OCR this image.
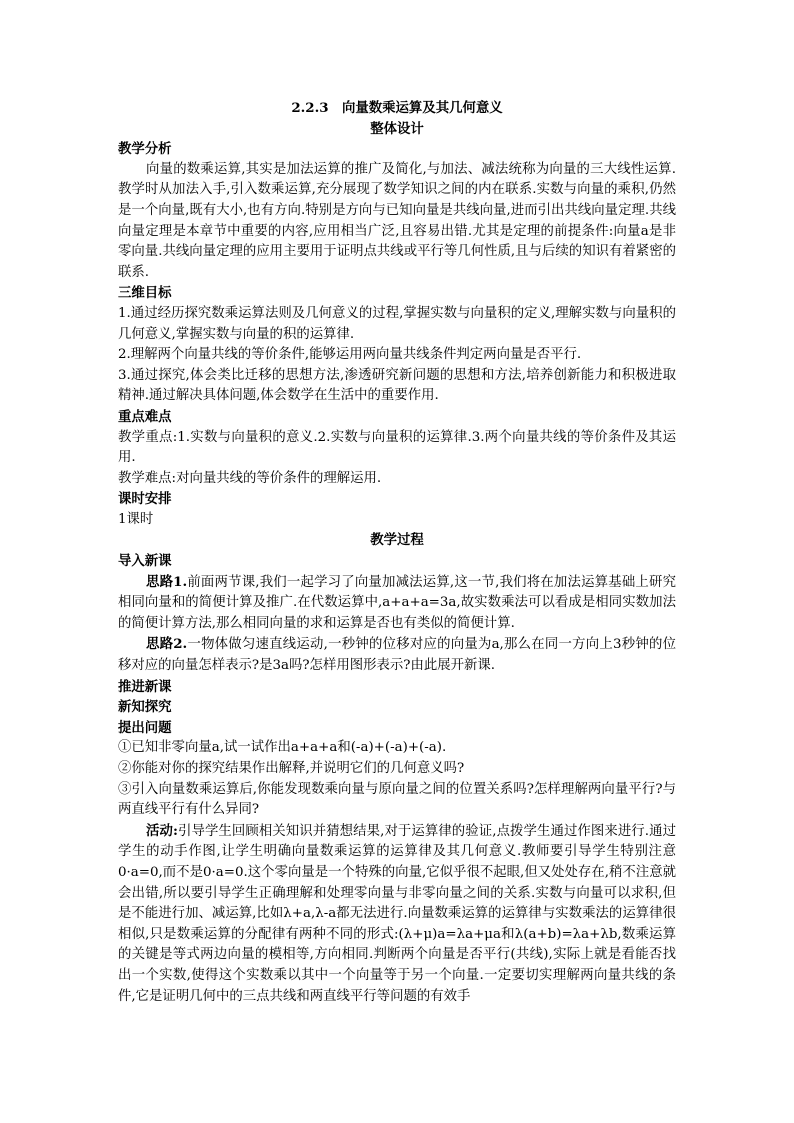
2.2.3　向量数乘运算及其几何意义
整体设计
教学分析

向量的数乘运算,其实是加法运算的推广及简化,与加法、减法统称为向量的三大线性运算.教学时从加法入手,引入数乘运算,充分展现了数学知识之间的内在联系.实数与向量的乘积,仍然是一个向量,既有大小,也有方向.特别是方向与已知向量是共线向量,进而引出共线向量定理.共线向量定理是本章节中重要的内容,应用相当广泛,且容易出错.尤其是定理的前提条件:向量a是非零向量.共线向量定理的应用主要用于证明点共线或平行等几何性质,且与后续的知识有着紧密的联系.

三维目标

1.通过经历探究数乘运算法则及几何意义的过程,掌握实数与向量积的定义,理解实数与向量积的几何意义,掌握实数与向量的积的运算律.

2.理解两个向量共线的等价条件,能够运用两向量共线条件判定两向量是否平行.

3.通过探究,体会类比迁移的思想方法,渗透研究新问题的思想和方法,培养创新能力和积极进取精神.通过解决具体问题,体会数学在生活中的重要作用.

重点难点

教学重点:1.实数与向量积的意义.2.实数与向量积的运算律.3.两个向量共线的等价条件及其运用.

教学难点:对向量共线的等价条件的理解运用.

课时安排

1课时

教学过程
导入新课

思路1.前面两节课,我们一起学习了向量加减法运算,这一节,我们将在加法运算基础上研究相同向量和的简便计算及推广.在代数运算中,a+a+a=3a,故实数乘法可以看成是相同实数加法的简便计算方法,那么相同向量的求和运算是否也有类似的简便计算.

思路2.一物体做匀速直线运动,一秒钟的位移对应的向量为a,那么在同一方向上3秒钟的位移对应的向量怎样表示?是3a吗?怎样用图形表示?由此展开新课.

推进新课
新知探究
提出问题

①已知非零向量a,试一试作出a+a+a和(-a)+(-a)+(-a).

②你能对你的探究结果作出解释,并说明它们的几何意义吗?

③引入向量数乘运算后,你能发现数乘向量与原向量之间的位置关系吗?怎样理解两向量平行?与两直线平行有什么异同?

活动:引导学生回顾相关知识并猜想结果,对于运算律的验证,点拨学生通过作图来进行.通过学生的动手作图,让学生明确向量数乘运算的运算律及其几何意义.教师要引导学生特别注意0·a=0,而不是0·a=0.这个零向量是一个特殊的向量,它似乎很不起眼,但又处处存在,稍不注意就会出错,所以要引导学生正确理解和处理零向量与非零向量之间的关系.实数与向量可以求积,但是不能进行加、减运算,比如λ+a,λ-a都无法进行.向量数乘运算的运算律与实数乘法的运算律很相似,只是数乘运算的分配律有两种不同的形式:(λ+μ)a=λa+μa和λ(a+b)=λa+λb,数乘运算的关键是等式两边向量的模相等,方向相同.判断两个向量是否平行(共线),实际上就是看能否找出一个实数,使得这个实数乘以其中一个向量等于另一个向量.一定要切实理解两向量共线的条件,它是证明几何中的三点共线和两直线平行等问题的有效手
